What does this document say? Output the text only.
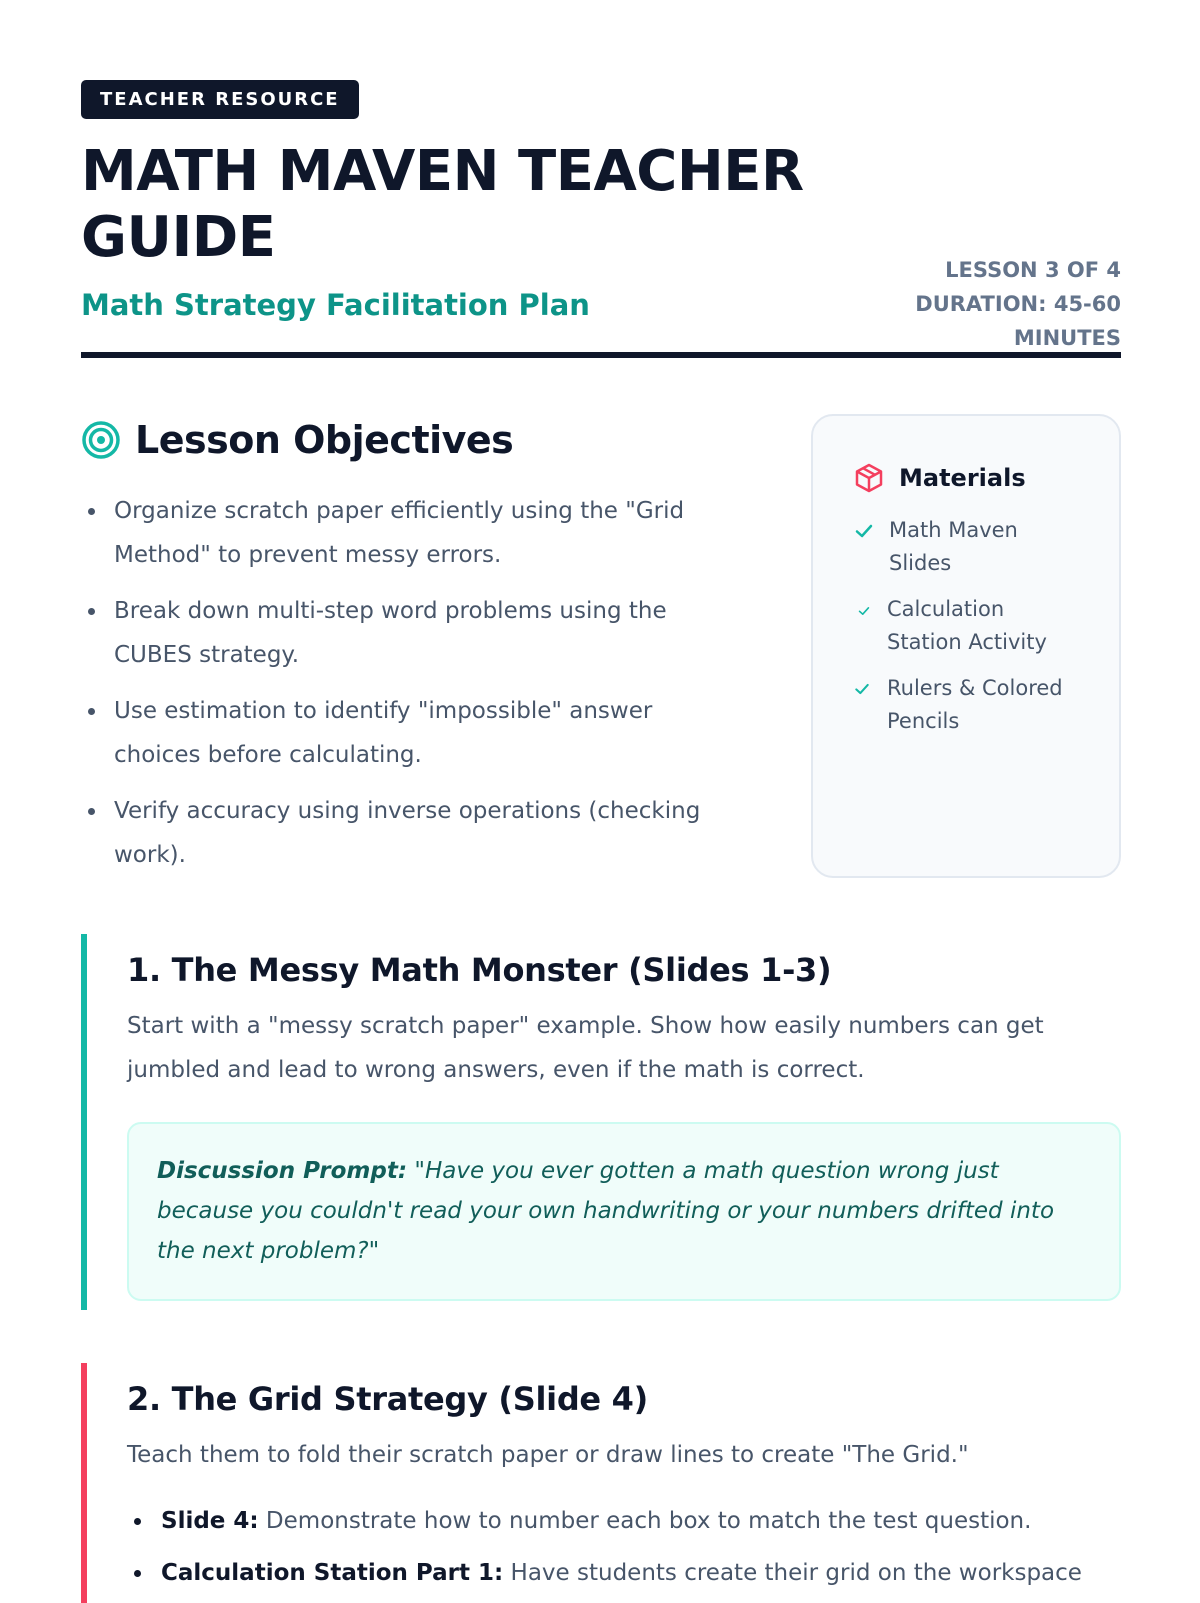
TEACHER RESOURCE
MATH MAVEN TEACHER GUIDE

Math Strategy Facilitation Plan

LESSON 3 OF 4
DURATION: 45-60
MINUTES
Lesson Objectives
Organize scratch paper efficiently using the "Grid Method" to prevent messy errors.
Break down multi-step word problems using the CUBES strategy.
Use estimation to identify "impossible" answer choices before calculating.
Verify accuracy using inverse operations (checking work).
Materials
Math Maven Slides
Calculation Station Activity
Rulers & Colored Pencils
1. The Messy Math Monster (Slides 1-3)

Start with a "messy scratch paper" example. Show how easily numbers can get jumbled and lead to wrong answers, even if the math is correct.

Discussion Prompt: "Have you ever gotten a math question wrong just because you couldn't read your own handwriting or your numbers drifted into the next problem?"
2. The Grid Strategy (Slide 4)

Teach them to fold their scratch paper or draw lines to create "The Grid."

Slide 4: Demonstrate how to number each box to match the test question.
Calculation Station Part 1: Have students create their grid on the workspace
